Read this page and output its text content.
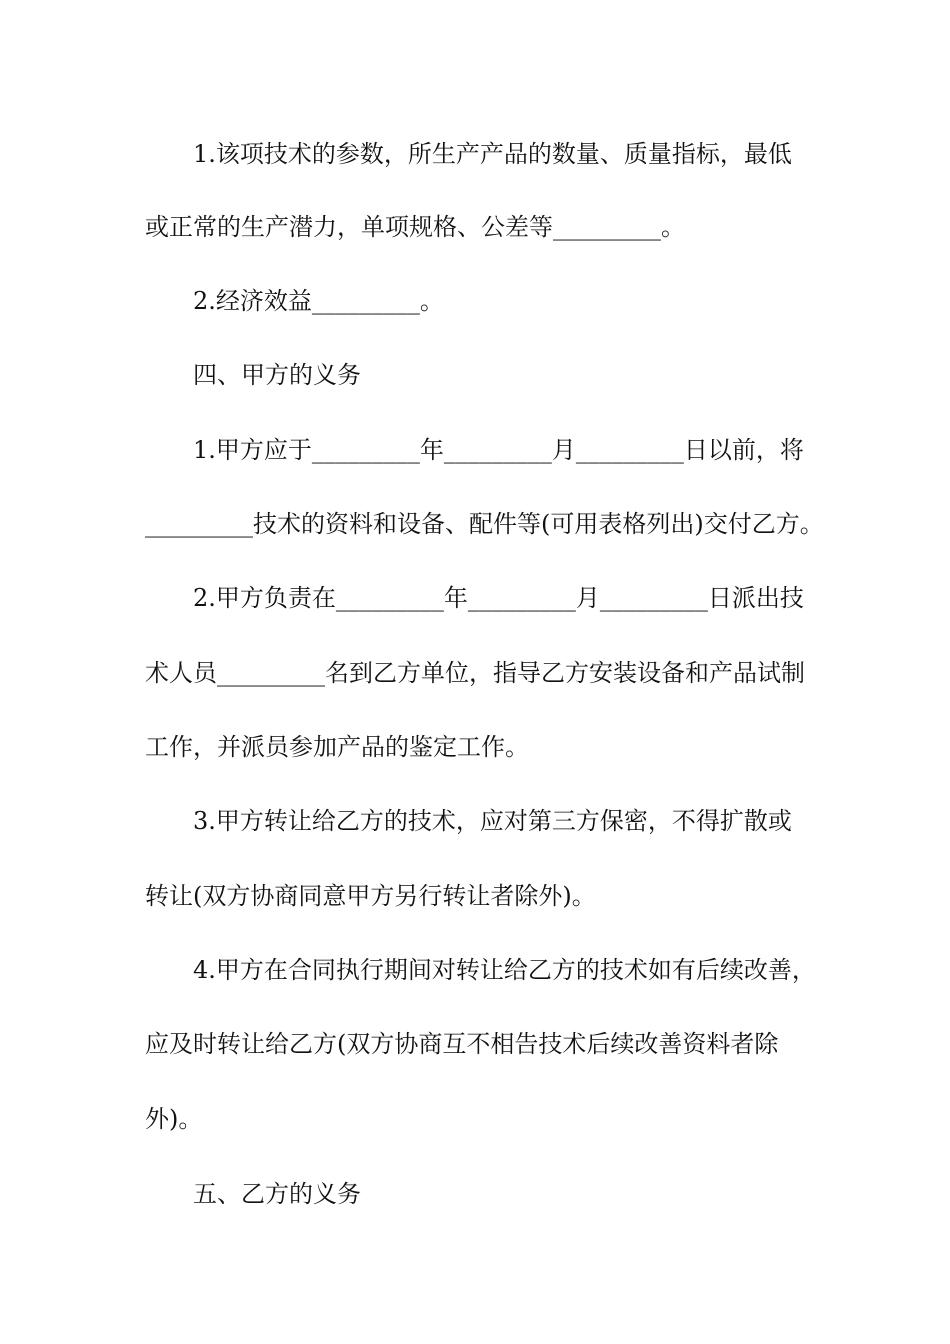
1.该项技术的参数，所生产产品的数量、质量指标，最低
或正常的生产潜力，单项规格、公差等_________。
2.经济效益_________。
四、甲方的义务
1.甲方应于_________年_________月_________日以前，将
_________技术的资料和设备、配件等(可用表格列出)交付乙方。
2.甲方负责在_________年_________月_________日派出技
术人员_________名到乙方单位，指导乙方安装设备和产品试制
工作，并派员参加产品的鉴定工作。
3.甲方转让给乙方的技术，应对第三方保密，不得扩散或
转让(双方协商同意甲方另行转让者除外)。
4.甲方在合同执行期间对转让给乙方的技术如有后续改善，
应及时转让给乙方(双方协商互不相告技术后续改善资料者除
外)。
五、乙方的义务
